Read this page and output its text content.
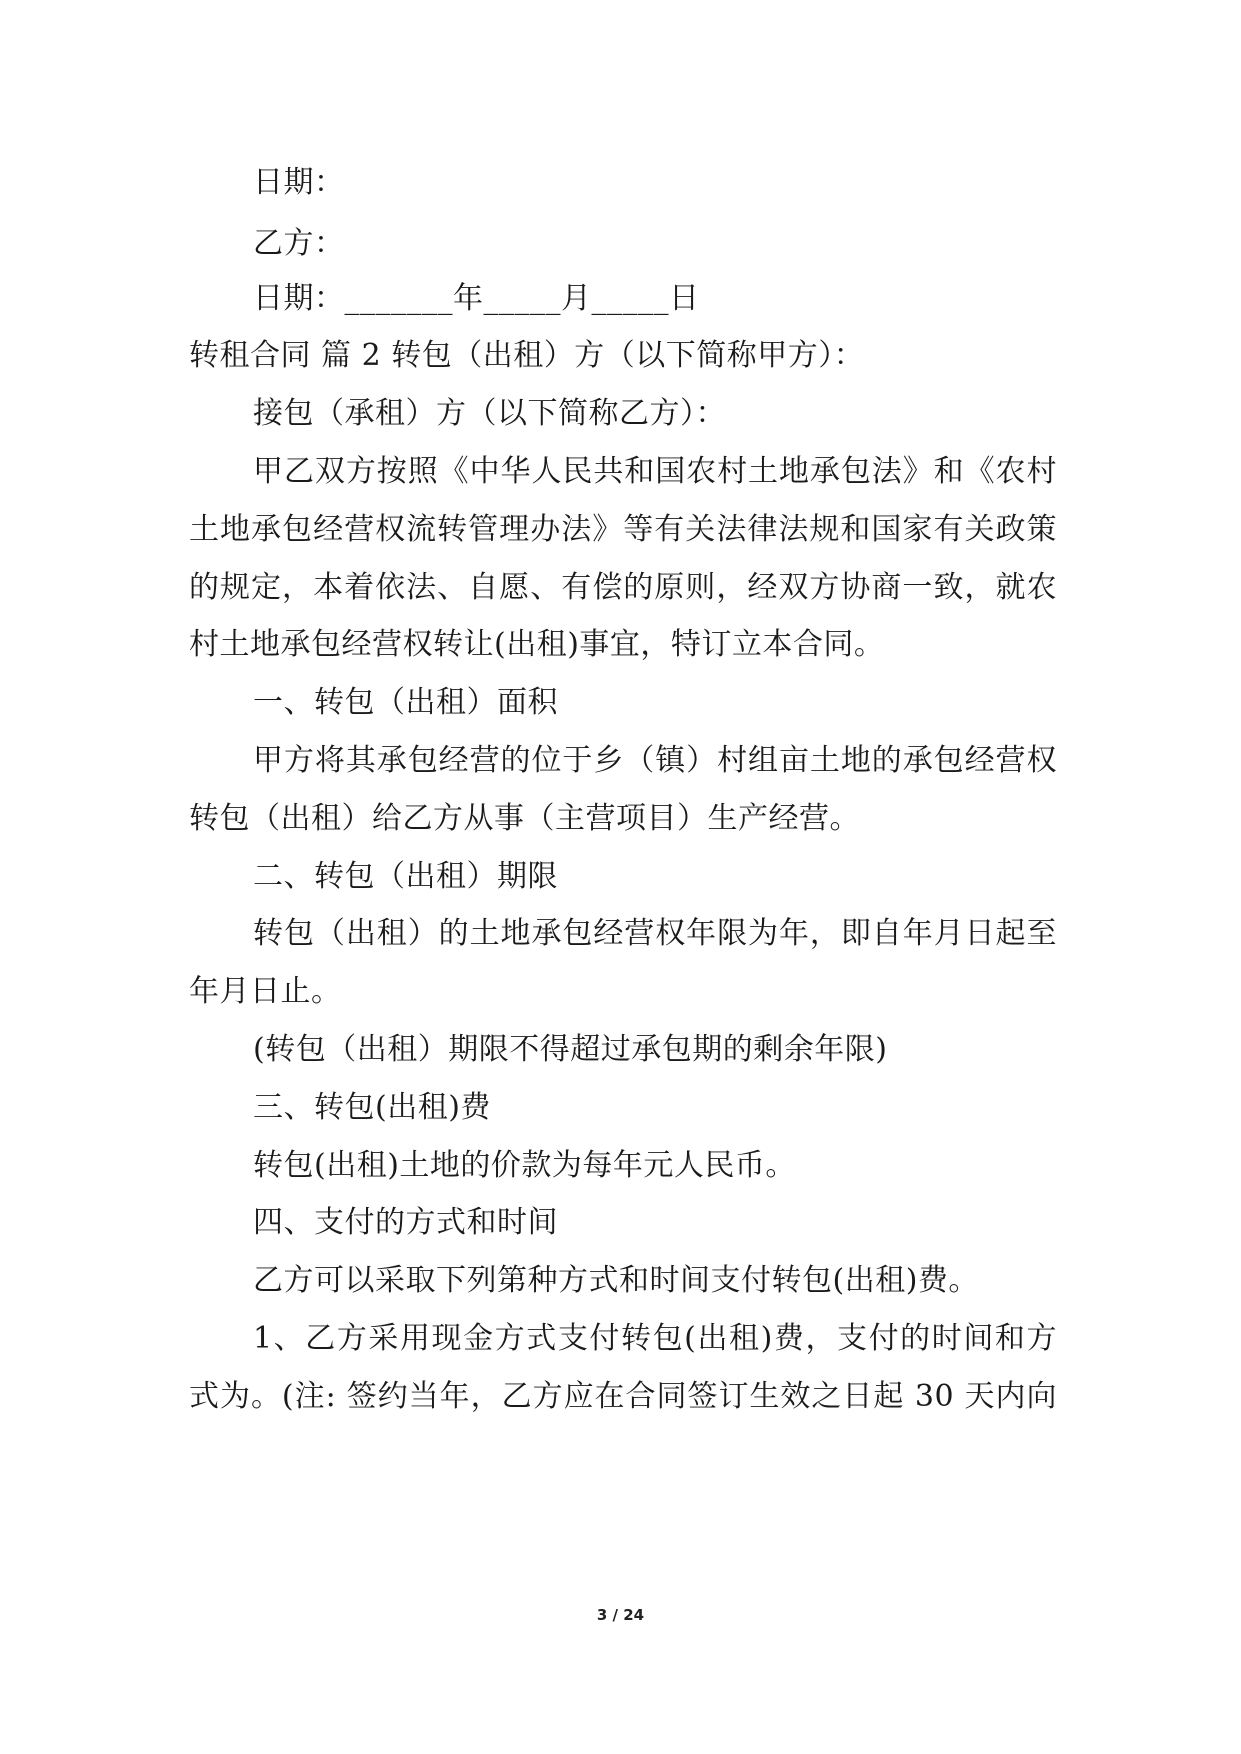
日期：
乙方：
日期：_______年_____月_____日
转租合同 篇 2 转包（出租）方（以下简称甲方）：
接包（承租）方（以下简称乙方）：
甲乙双方按照《中华人民共和国农村土地承包法》和《农村
土地承包经营权流转管理办法》等有关法律法规和国家有关政策
的规定，本着依法、自愿、有偿的原则，经双方协商一致，就农
村土地承包经营权转让(出租)事宜，特订立本合同。
一、转包（出租）面积
甲方将其承包经营的位于乡（镇）村组亩土地的承包经营权
转包（出租）给乙方从事（主营项目）生产经营。
二、转包（出租）期限
转包（出租）的土地承包经营权年限为年，即自年月日起至
年月日止。
(转包（出租）期限不得超过承包期的剩余年限)
三、转包(出租)费
转包(出租)土地的价款为每年元人民币。
四、支付的方式和时间
乙方可以采取下列第种方式和时间支付转包(出租)费。
1、乙方采用现金方式支付转包(出租)费，支付的时间和方
式为。(注: 签约当年，乙方应在合同签订生效之日起 30 天内向
3 / 24
